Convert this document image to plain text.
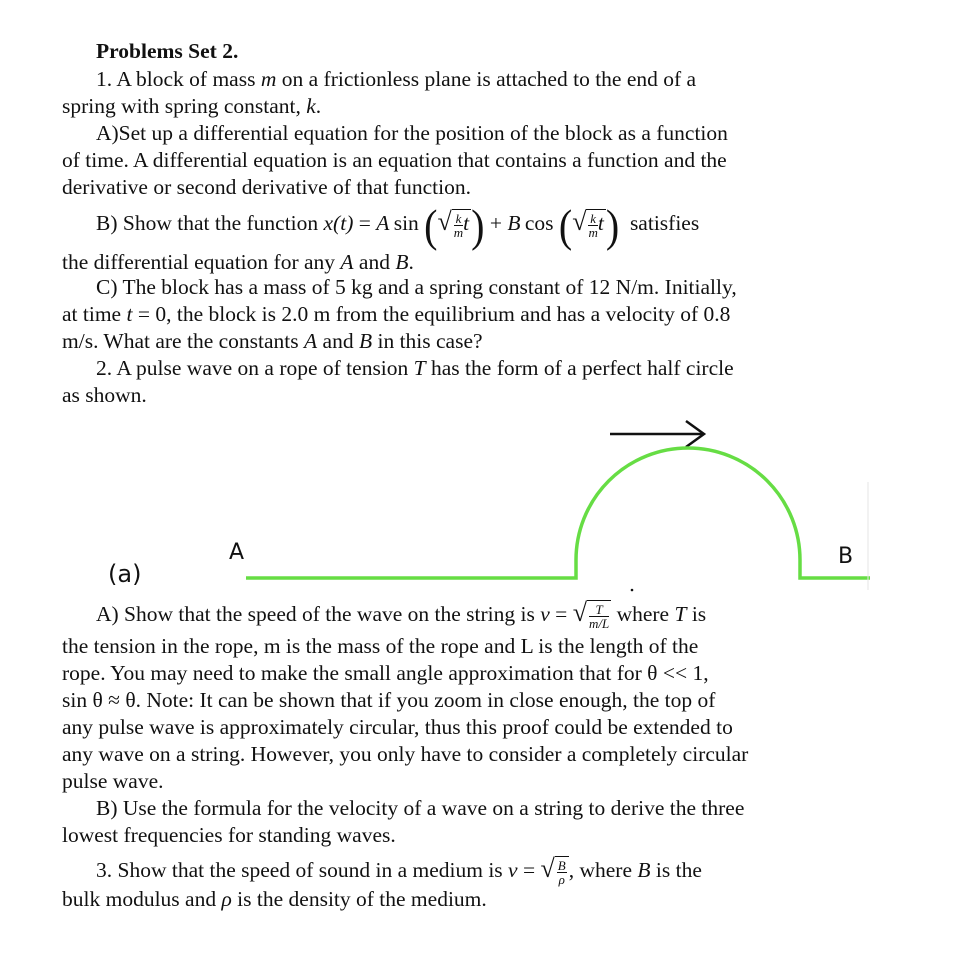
Problems Set 2.
1. A block of mass m on a frictionless plane is attached to the end of a
spring with spring constant, k.
A)Set up a differential equation for the position of the block as a function
of time. A differential equation is an equation that contains a function and the
derivative or second derivative of that function.
B) Show that the function x(t) = A  sin (√ $\frac{k}{m} t) + B$  cos (√ $\frac{k}{m} t$) satisfies
the differential equation for any A and B.
C) The block has a mass of 5 kg and a spring constant of 12 N/m. Initially,
at time t = 0, the block is 2.0 m from the equilibrium and has a velocity of 0.8
m/s. What are the constants A and B in this case?
2. A pulse wave on a rope of tension T has the form of a perfect half circle
as shown.
(a)
A	B
A) Show that the speed of the wave on the string is v = √ $\frac{T}{m/L}$ where T is
the tension in the rope, m is the mass of the rope and L is the length of the
rope. You may need to make the small angle approximation that for θ << 1,
sin θ ≈ θ. Note: It can be shown that if you zoom in close enough, the top of
any pulse wave is approximately circular, thus this proof could be extended to
any wave on a string. However, you only have to consider a completely circular
pulse wave.
B) Use the formula for the velocity of a wave on a string to derive the three
lowest frequencies for standing waves.
3. Show that the speed of sound in a medium is v = √ $\frac{B}{\rho}$ , where B is the
bulk modulus and ρ is the density of the medium.
